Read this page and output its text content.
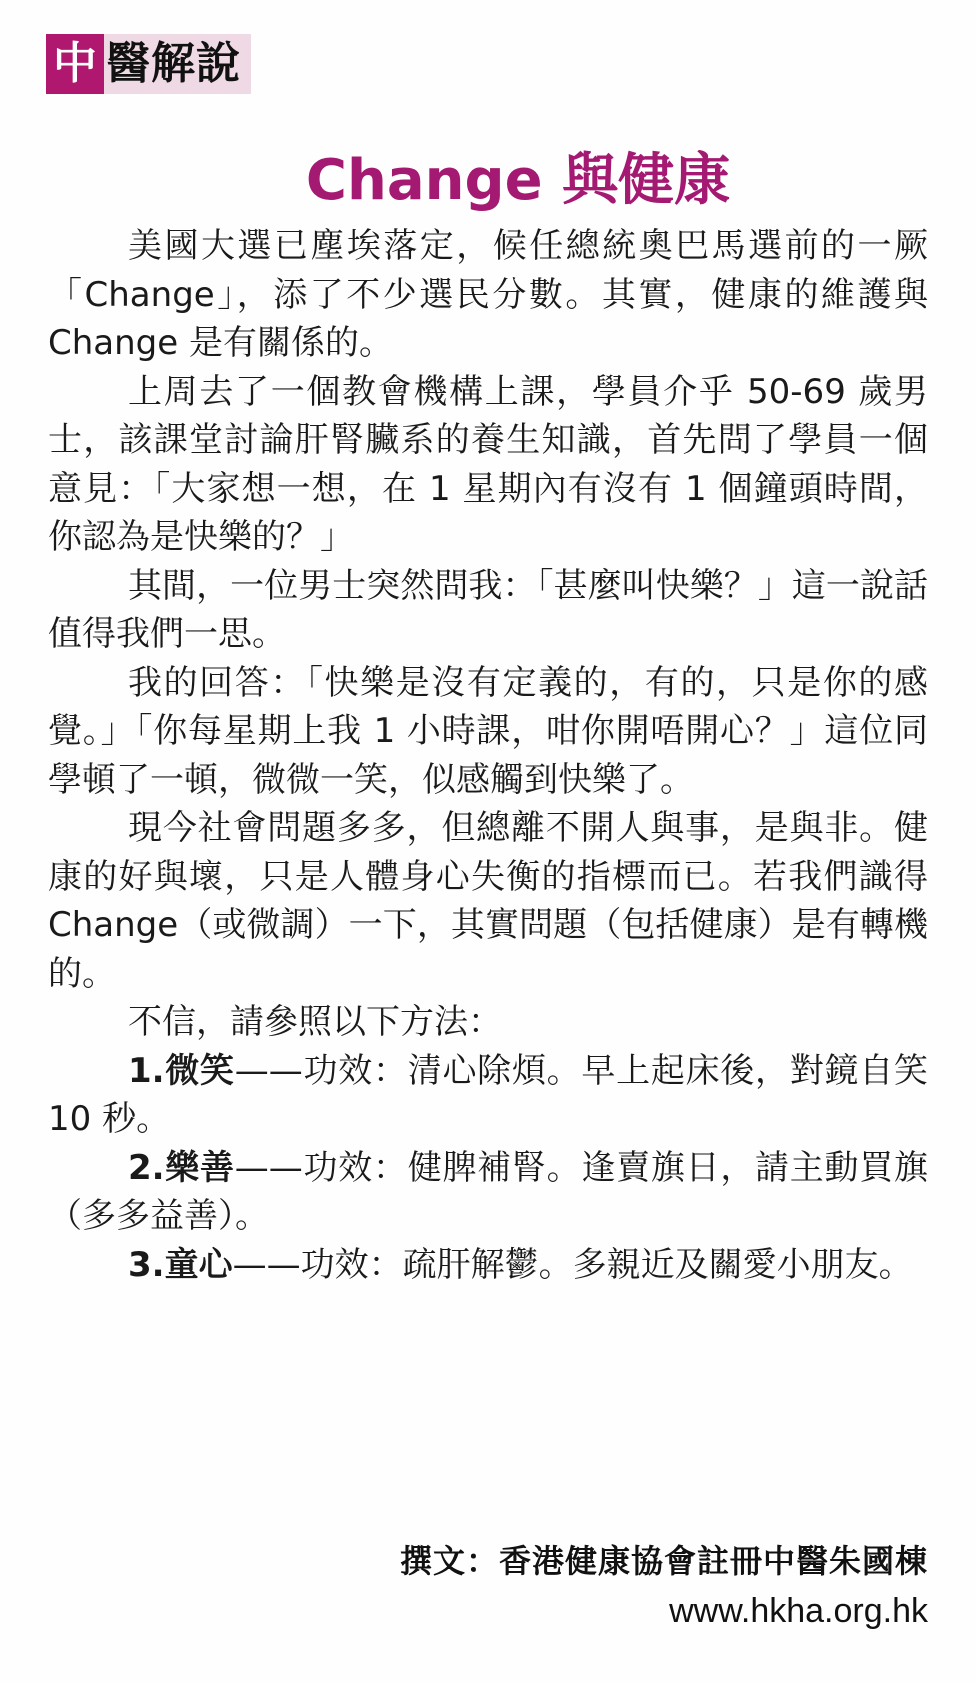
中 醫解說
Change 與健康

美國大選已塵埃落定，候任總統奧巴馬選前的一厥「Change」，添了不少選民分數。其實，健康的維護與 Change 是有關係的。

上周去了一個教會機構上課，學員介乎 50-69 歲男士，該課堂討論肝腎臟系的養生知識，首先問了學員一個意見：「大家想一想，在 1 星期內有沒有 1 個鐘頭時間，你認為是快樂的？」

其間，一位男士突然問我：「甚麼叫快樂？」這一說話值得我們一思。

我的回答：「快樂是沒有定義的，有的，只是你的感覺。」「你每星期上我 1 小時課，咁你開唔開心？」這位同學頓了一頓，微微一笑，似感觸到快樂了。

現今社會問題多多，但總離不開人與事，是與非。健康的好與壞，只是人體身心失衡的指標而已。若我們識得 Change（或微調）一下，其實問題（包括健康）是有轉機的。

不信，請參照以下方法：

1.微笑——功效：清心除煩。早上起床後，對鏡自笑 10 秒。

2.樂善——功效：健脾補腎。逢賣旗日，請主動買旗（多多益善）。

3.童心——功效：疏肝解鬱。多親近及關愛小朋友。

撰文：香港健康協會註冊中醫朱國棟
www.hkha.org.hk
